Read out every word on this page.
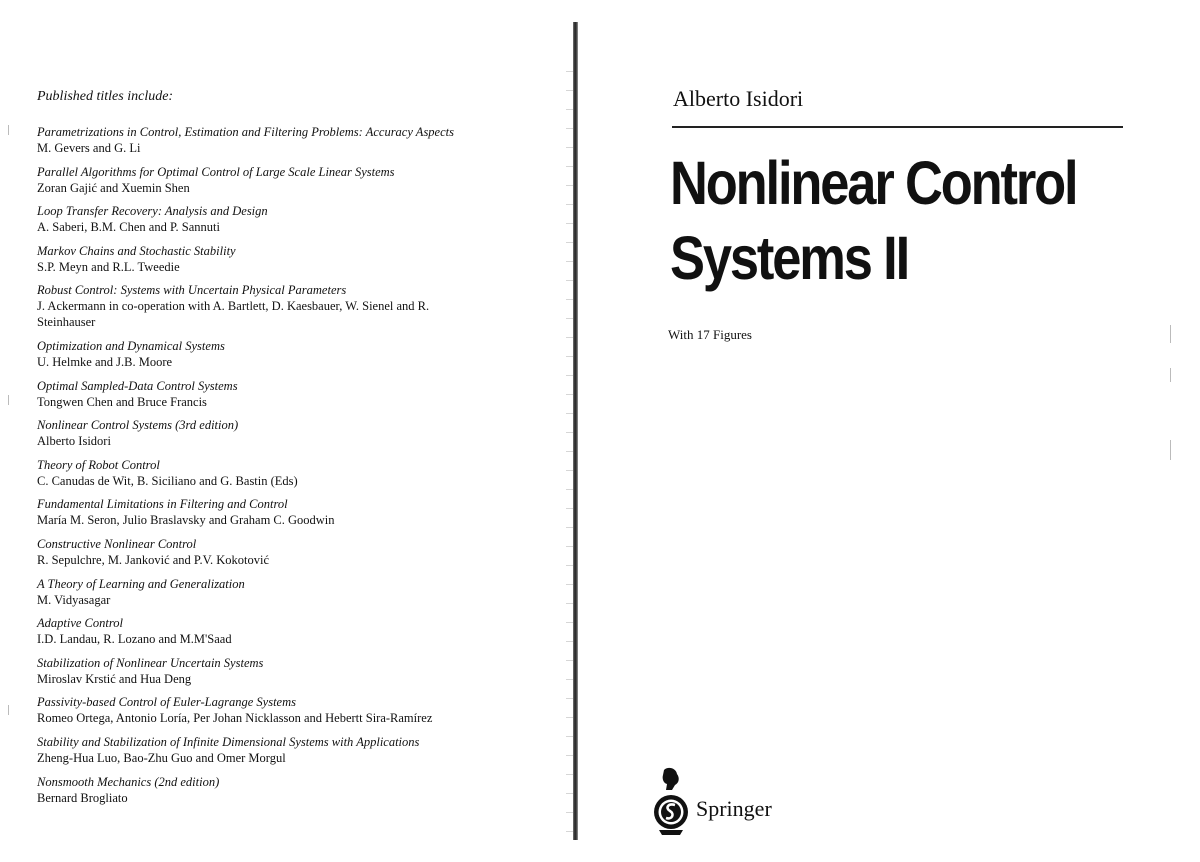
Published titles include:
Parametrizations in Control, Estimation and Filtering Problems: Accuracy Aspects
M. Gevers and G. Li
Parallel Algorithms for Optimal Control of Large Scale Linear Systems
Zoran Gajić and Xuemin Shen
Loop Transfer Recovery: Analysis and Design
A. Saberi, B.M. Chen and P. Sannuti
Markov Chains and Stochastic Stability
S.P. Meyn and R.L. Tweedie
Robust Control: Systems with Uncertain Physical Parameters
J. Ackermann in co-operation with A. Bartlett, D. Kaesbauer, W. Sienel and R. Steinhauser
Optimization and Dynamical Systems
U. Helmke and J.B. Moore
Optimal Sampled-Data Control Systems
Tongwen Chen and Bruce Francis
Nonlinear Control Systems (3rd edition)
Alberto Isidori
Theory of Robot Control
C. Canudas de Wit, B. Siciliano and G. Bastin (Eds)
Fundamental Limitations in Filtering and Control
María M. Seron, Julio Braslavsky and Graham C. Goodwin
Constructive Nonlinear Control
R. Sepulchre, M. Janković and P.V. Kokotović
A Theory of Learning and Generalization
M. Vidyasagar
Adaptive Control
I.D. Landau, R. Lozano and M.M'Saad
Stabilization of Nonlinear Uncertain Systems
Miroslav Krstić and Hua Deng
Passivity-based Control of Euler-Lagrange Systems
Romeo Ortega, Antonio Loría, Per Johan Nicklasson and Hebertt Sira-Ramírez
Stability and Stabilization of Infinite Dimensional Systems with Applications
Zheng-Hua Luo, Bao-Zhu Guo and Omer Morgul
Nonsmooth Mechanics (2nd edition)
Bernard Brogliato
Alberto Isidori
Nonlinear Control
Systems II
With 17 Figures
Springer
